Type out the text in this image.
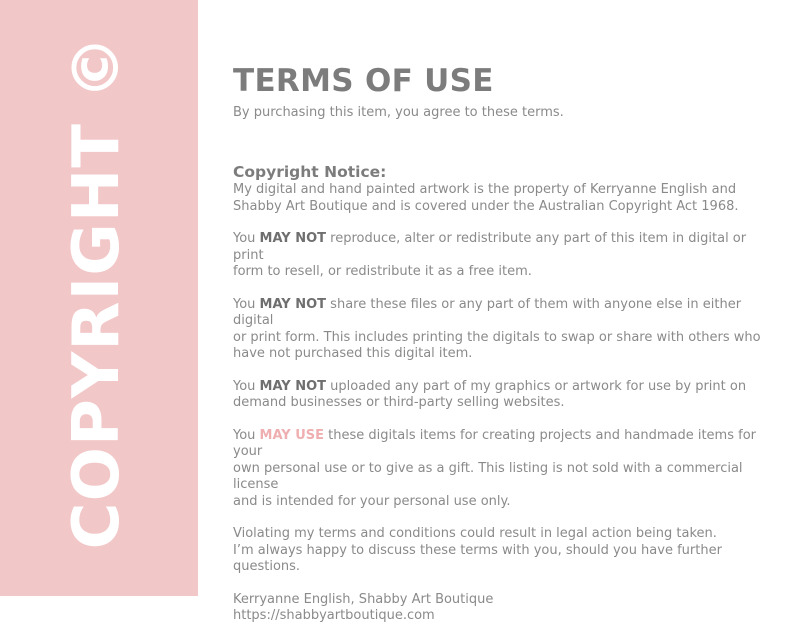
COPYRIGHT ©	TERMS OF USE

By purchasing this item, you agree to these terms.

Copyright Notice:

My digital and hand painted artwork is the property of Kerryanne English and
Shabby Art Boutique and is covered under the Australian Copyright Act 1968.

You MAY NOT reproduce, alter or redistribute any part of this item in digital or print
form to resell, or redistribute it as a free item.

You MAY NOT share these files or any part of them with anyone else in either digital
or print form. This includes printing the digitals to swap or share with others who
have not purchased this digital item.

You MAY NOT uploaded any part of my graphics or artwork for use by print on
demand businesses or third-party selling websites.

You MAY USE these digitals items for creating projects and handmade items for your
own personal use or to give as a gift. This listing is not sold with a commercial license
and is intended for your personal use only.

Violating my terms and conditions could result in legal action being taken.
I’m always happy to discuss these terms with you, should you have further questions.

Kerryanne English, Shabby Art Boutique
https://shabbyartboutique.com
